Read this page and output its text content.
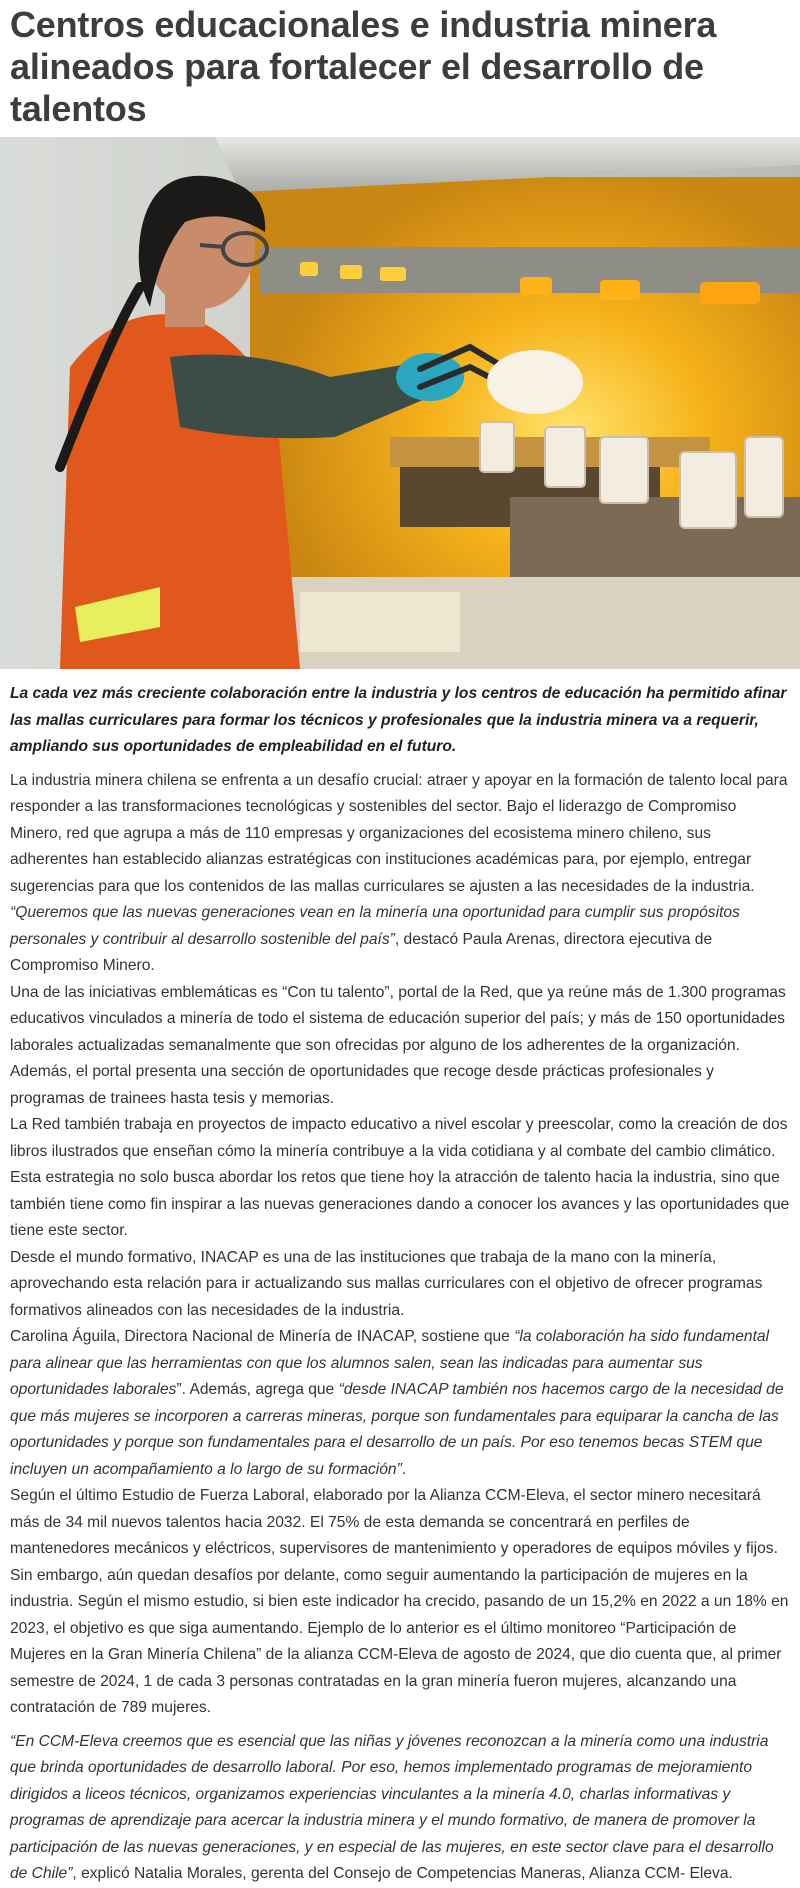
Centros educacionales e industria minera alineados para fortalecer el desarrollo de talentos

La cada vez más creciente colaboración entre la industria y los centros de educación ha permitido afinar las mallas curriculares para formar los técnicos y profesionales que la industria minera va a requerir, ampliando sus oportunidades de empleabilidad en el futuro.

La industria minera chilena se enfrenta a un desafío crucial: atraer y apoyar en la formación de talento local para responder a las transformaciones tecnológicas y sostenibles del sector. Bajo el liderazgo de Compromiso Minero, red que agrupa a más de 110 empresas y organizaciones del ecosistema minero chileno, sus adherentes han establecido alianzas estratégicas con instituciones académicas para, por ejemplo, entregar sugerencias para que los contenidos de las mallas curriculares se ajusten a las necesidades de la industria.

“Queremos que las nuevas generaciones vean en la minería una oportunidad para cumplir sus propósitos personales y contribuir al desarrollo sostenible del país”, destacó Paula Arenas, directora ejecutiva de Compromiso Minero.

Una de las iniciativas emblemáticas es “Con tu talento”, portal de la Red, que ya reúne más de 1.300 programas educativos vinculados a minería de todo el sistema de educación superior del país; y más de 150 oportunidades laborales actualizadas semanalmente que son ofrecidas por alguno de los adherentes de la organización. Además, el portal presenta una sección de oportunidades que recoge desde prácticas profesionales y programas de trainees hasta tesis y memorias.

La Red también trabaja en proyectos de impacto educativo a nivel escolar y preescolar, como la creación de dos libros ilustrados que enseñan cómo la minería contribuye a la vida cotidiana y al combate del cambio climático. Esta estrategia no solo busca abordar los retos que tiene hoy la atracción de talento hacia la industria, sino que también tiene como fin inspirar a las nuevas generaciones dando a conocer los avances y las oportunidades que tiene este sector.

Desde el mundo formativo, INACAP es una de las instituciones que trabaja de la mano con la minería, aprovechando esta relación para ir actualizando sus mallas curriculares con el objetivo de ofrecer programas formativos alineados con las necesidades de la industria.

Carolina Águila, Directora Nacional de Minería de INACAP, sostiene que “la colaboración ha sido fundamental para alinear que las herramientas con que los alumnos salen, sean las indicadas para aumentar sus oportunidades laborales”. Además, agrega que “desde INACAP también nos hacemos cargo de la necesidad de que más mujeres se incorporen a carreras mineras, porque son fundamentales para equiparar la cancha de las oportunidades y porque son fundamentales para el desarrollo de un país. Por eso tenemos becas STEM que incluyen un acompañamiento a lo largo de su formación”.

Según el último Estudio de Fuerza Laboral, elaborado por la Alianza CCM-Eleva, el sector minero necesitará más de 34 mil nuevos talentos hacia 2032. El 75% de esta demanda se concentrará en perfiles de mantenedores mecánicos y eléctricos, supervisores de mantenimiento y operadores de equipos móviles y fijos.

Sin embargo, aún quedan desafíos por delante, como seguir aumentando la participación de mujeres en la industria. Según el mismo estudio, si bien este indicador ha crecido, pasando de un 15,2% en 2022 a un 18% en 2023, el objetivo es que siga aumentando. Ejemplo de lo anterior es el último monitoreo “Participación de Mujeres en la Gran Minería Chilena” de la alianza CCM-Eleva de agosto de 2024, que dio cuenta que, al primer semestre de 2024, 1 de cada 3 personas contratadas en la gran minería fueron mujeres, alcanzando una contratación de 789 mujeres.

“En CCM-Eleva creemos que es esencial que las niñas y jóvenes reconozcan a la minería como una industria que brinda oportunidades de desarrollo laboral. Por eso, hemos implementado programas de mejoramiento dirigidos a liceos técnicos, organizamos experiencias vinculantes a la minería 4.0, charlas informativas y programas de aprendizaje para acercar la industria minera y el mundo formativo, de manera de promover la participación de las nuevas generaciones, y en especial de las mujeres, en este sector clave para el desarrollo de Chile”, explicó Natalia Morales, gerenta del Consejo de Competencias Maneras, Alianza CCM- Eleva.
